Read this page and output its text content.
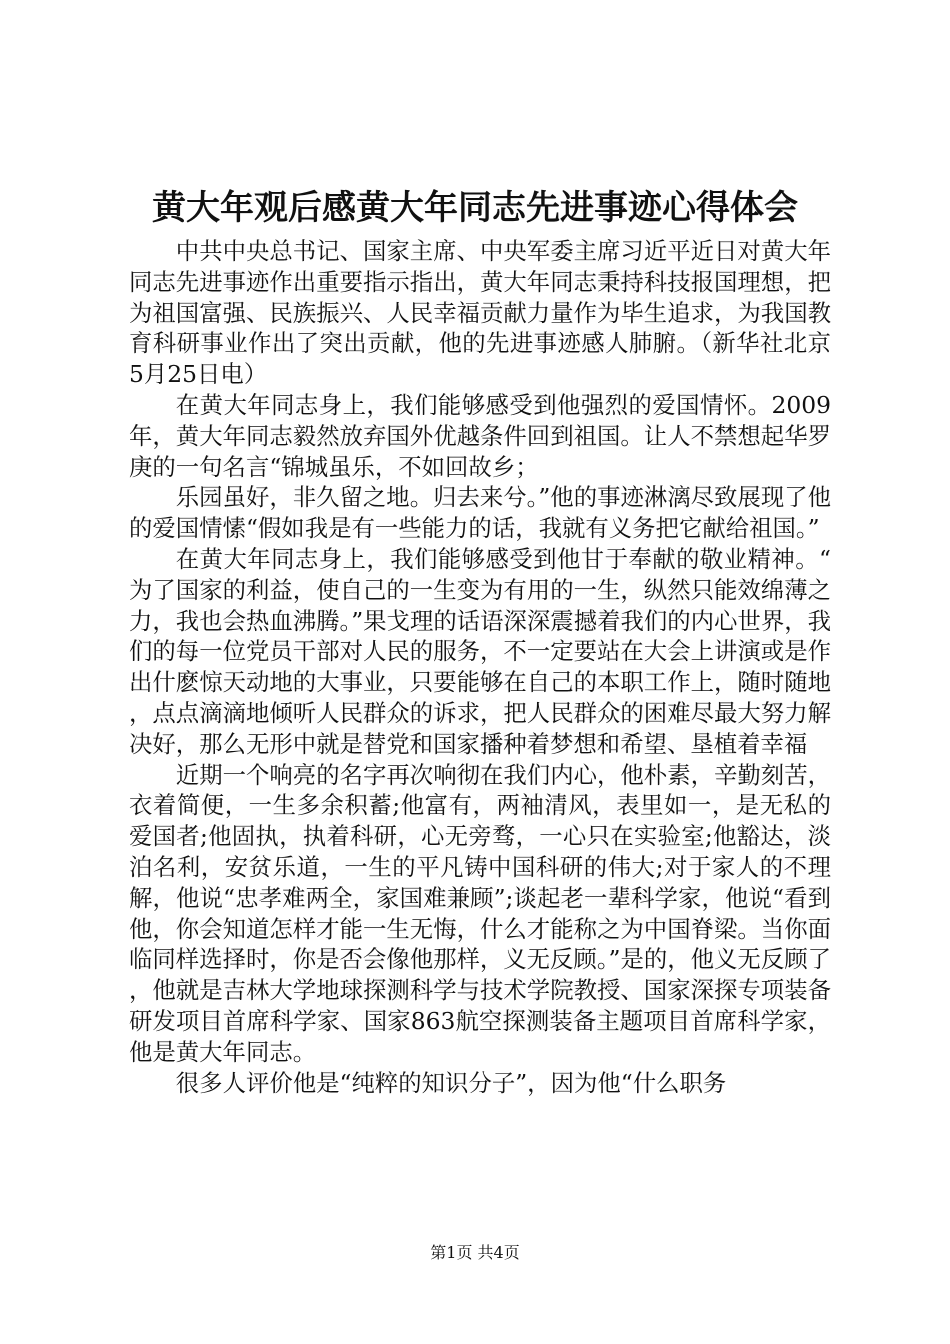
黄大年观后感黄大年同志先进事迹心得体会

中共中央总书记、国家主席、中央军委主席习近平近日对黄大年同志先进事迹作出重要指示指出，黄大年同志秉持科技报国理想，把为祖国富强、民族振兴、人民幸福贡献力量作为毕生追求，为我国教育科研事业作出了突出贡献，他的先进事迹感人肺腑。（新华社北京5月25日电）

在黄大年同志身上，我们能够感受到他强烈的爱国情怀。2009年，黄大年同志毅然放弃国外优越条件回到祖国。让人不禁想起华罗庚的一句名言“锦城虽乐，不如回故乡；

乐园虽好，非久留之地。归去来兮。”他的事迹淋漓尽致展现了他的爱国情愫“假如我是有一些能力的话，我就有义务把它献给祖国。”

在黄大年同志身上，我们能够感受到他甘于奉献的敬业精神。“为了国家的利益，使自己的一生变为有用的一生，纵然只能效绵薄之力，我也会热血沸腾。”果戈理的话语深深震撼着我们的内心世界，我们的每一位党员干部对人民的服务，不一定要站在大会上讲演或是作出什麽惊天动地的大事业，只要能够在自己的本职工作上，随时随地，点点滴滴地倾听人民群众的诉求，把人民群众的困难尽最大努力解决好，那么无形中就是替党和国家播种着梦想和希望、垦植着幸福

近期一个响亮的名字再次响彻在我们内心，他朴素，辛勤刻苦，衣着简便，一生多余积蓄;他富有，两袖清风，表里如一，是无私的爱国者;他固执，执着科研，心无旁骛，一心只在实验室;他豁达，淡泊名利，安贫乐道，一生的平凡铸中国科研的伟大;对于家人的不理解，他说“忠孝难两全，家国难兼顾”;谈起老一辈科学家，他说“看到他，你会知道怎样才能一生无悔，什么才能称之为中国脊梁。当你面临同样选择时，你是否会像他那样，义无反顾。”是的，他义无反顾了，他就是吉林大学地球探测科学与技术学院教授、国家深探专项装备研发项目首席科学家、国家863航空探测装备主题项目首席科学家，他是黄大年同志。

很多人评价他是“纯粹的知识分子”，因为他“什么职务

第1页 共4页
